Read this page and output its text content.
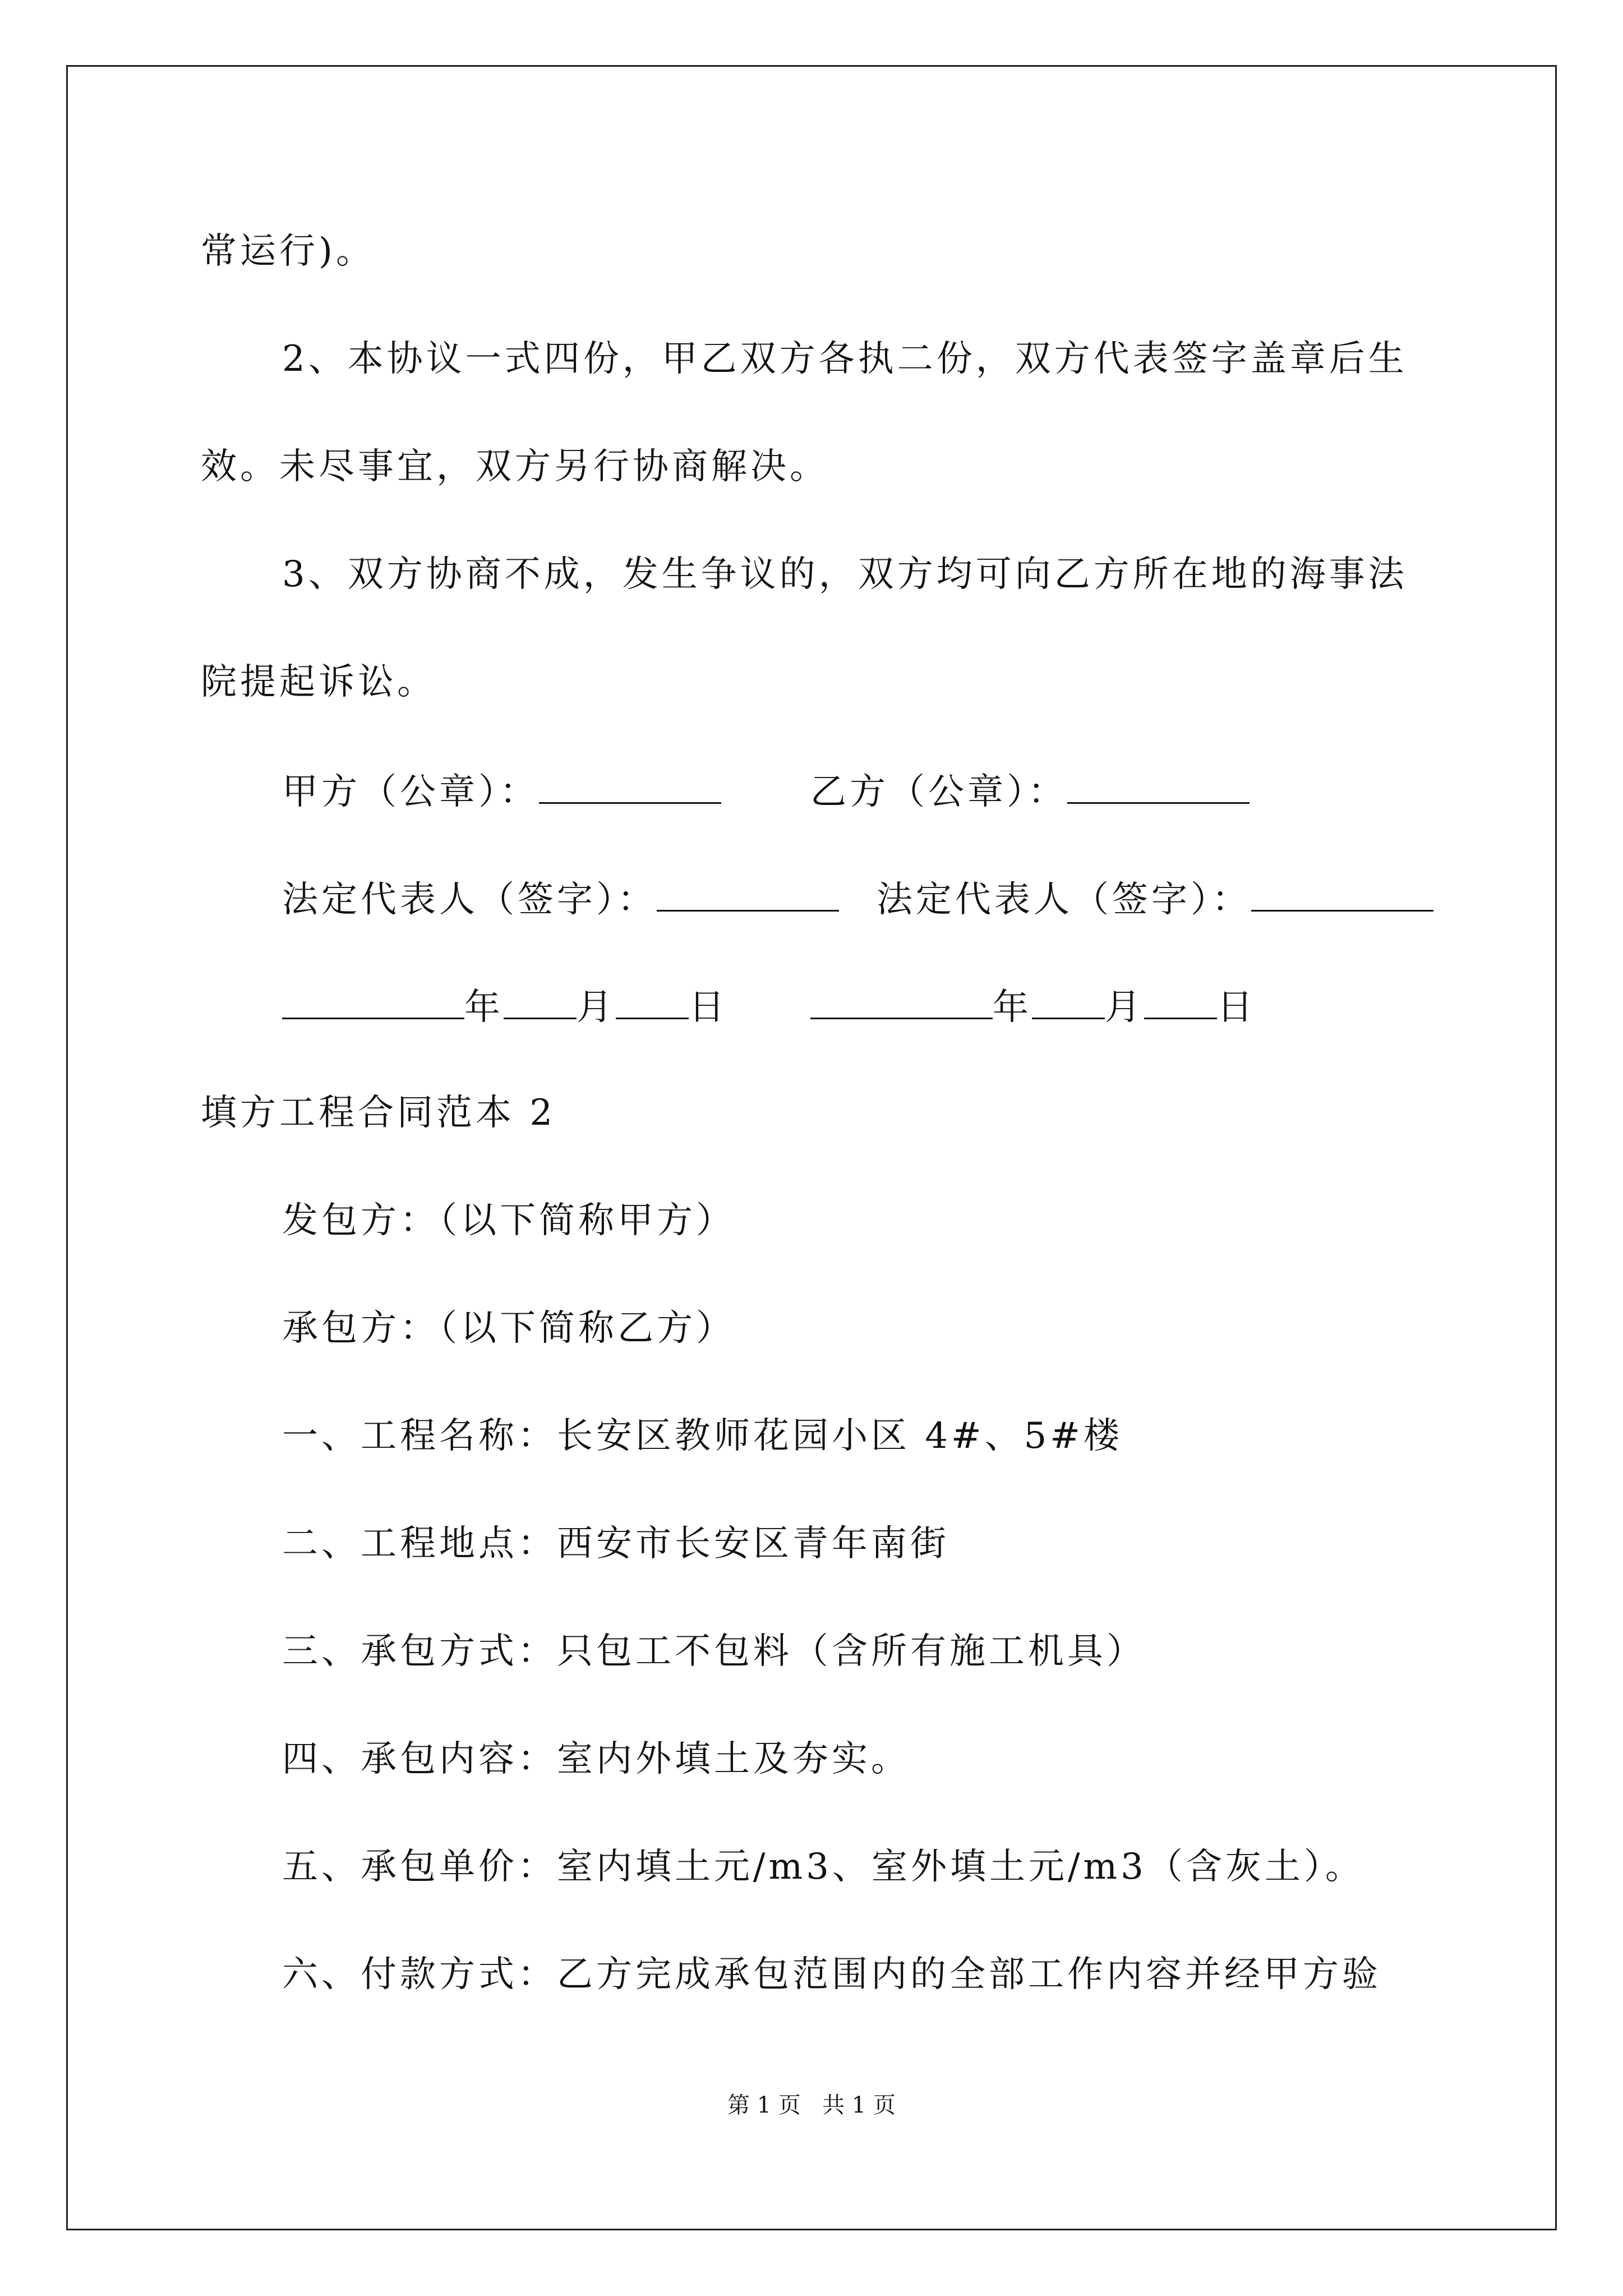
常运行)。
2、本协议一式四份，甲乙双方各执二份，双方代表签字盖章后生
效。未尽事宜，双方另行协商解决。
3、双方协商不成，发生争议的，双方均可向乙方所在地的海事法
院提起诉讼。
甲方（公章）：	乙方（公章）：
法定代表人（签字）：	法定代表人（签字）：
年 月 日	年 月 日
填方工程合同范本 2
发包方：（以下简称甲方）
承包方：（以下简称乙方）
一、工程名称：长安区教师花园小区 4#、5#楼
二、工程地点：西安市长安区青年南街
三、承包方式：只包工不包料（含所有施工机具）
四、承包内容：室内外填土及夯实。
五、承包单价：室内填土元/m3、室外填土元/m3（含灰土）。
六、付款方式：乙方完成承包范围内的全部工作内容并经甲方验
第 1 页   共 1 页
